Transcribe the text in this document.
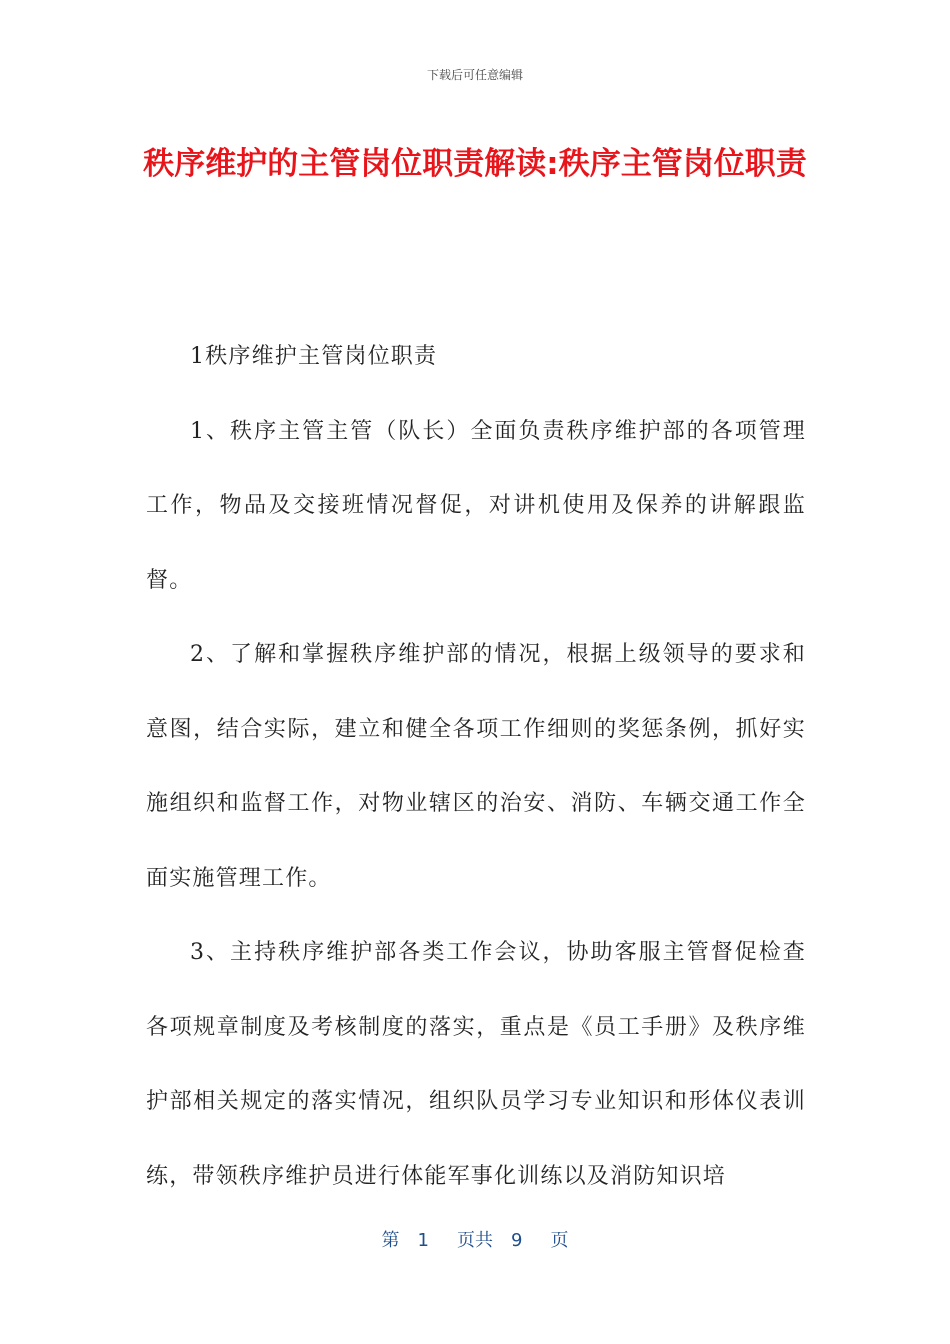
下载后可任意编辑
秩序维护的主管岗位职责解读:秩序主管岗位职责

1秩序维护主管岗位职责

1、秩序主管主管（队长）全面负责秩序维护部的各项管理工作，物品及交接班情况督促，对讲机使用及保养的讲解跟监督。

2、了解和掌握秩序维护部的情况，根据上级领导的要求和意图，结合实际，建立和健全各项工作细则的奖惩条例，抓好实施组织和监督工作，对物业辖区的治安、消防、车辆交通工作全面实施管理工作。

3、主持秩序维护部各类工作会议，协助客服主管督促检查各项规章制度及考核制度的落实，重点是《员工手册》及秩序维护部相关规定的落实情况，组织队员学习专业知识和形体仪表训练，带领秩序维护员进行体能军事化训练以及消防知识培

第 1 页共 9 页
